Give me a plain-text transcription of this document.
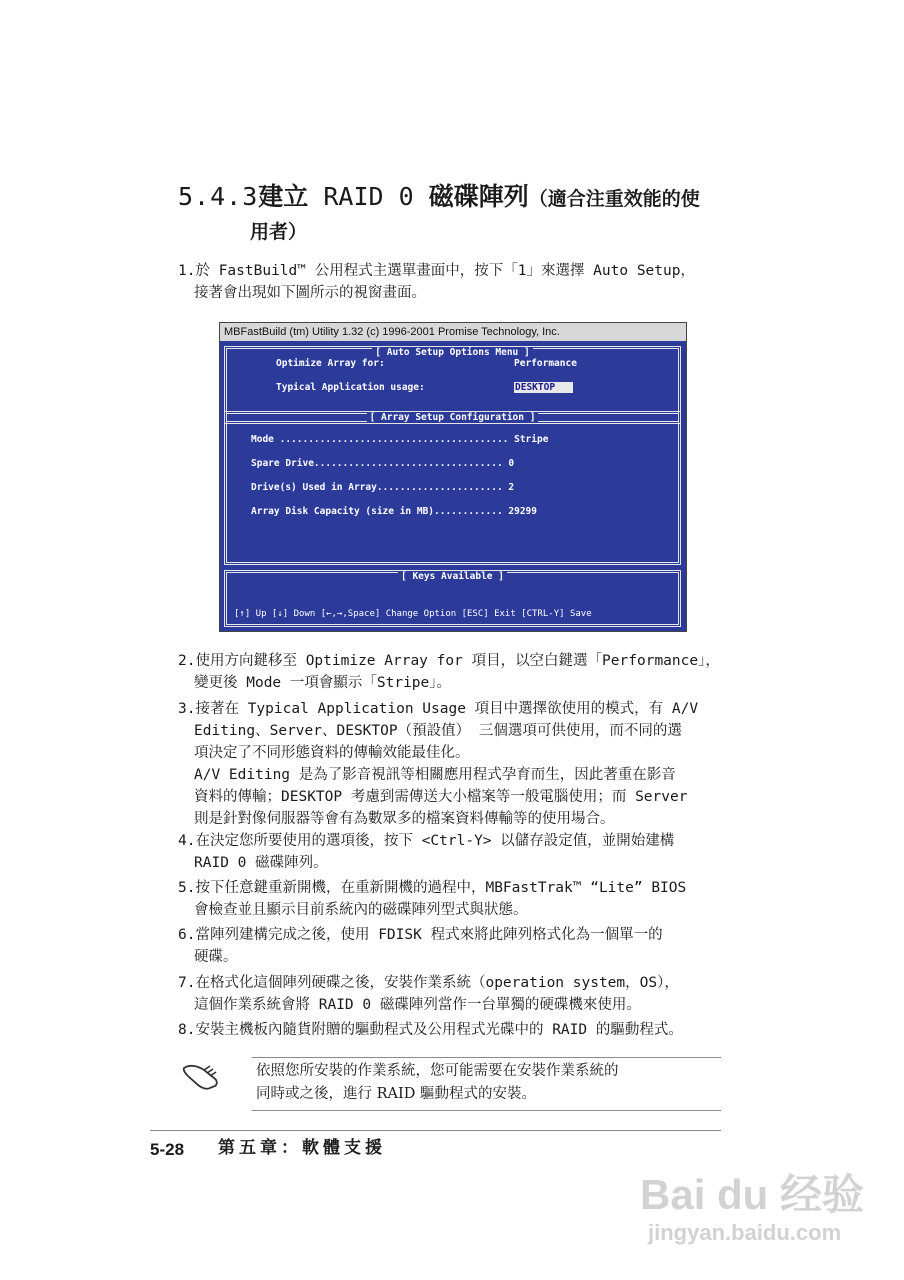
5.4.3建立 RAID 0 磁碟陣列（適合注重效能的使
用者）
1.於 FastBuild™ 公用程式主選單畫面中，按下「1」來選擇 Auto Setup，
接著會出現如下圖所示的視窗畫面。
MBFastBuild (tm) Utility 1.32 (c) 1996-2001 Promise Technology, Inc.
[ Auto Setup Options Menu ]
Optimize Array for:	Performance
Typical Application usage:	DESKTOP
[ Array Setup Configuration ]
Mode ........................................ Stripe
Spare Drive................................. 0
Drive(s) Used in Array...................... 2
Array Disk Capacity (size in MB)............ 29299
[ Keys Available ]
[↑] Up [↓] Down [←,→,Space] Change Option [ESC] Exit [CTRL-Y] Save
2.使用方向鍵移至 Optimize Array for 項目，以空白鍵選「Performance」，
變更後 Mode 一項會顯示「Stripe」。
3.接著在 Typical Application Usage 項目中選擇欲使用的模式，有 A/V
Editing、Server、DESKTOP（預設值） 三個選項可供使用，而不同的選
項決定了不同形態資料的傳輸效能最佳化。
A/V Editing 是為了影音視訊等相關應用程式孕育而生，因此著重在影音
資料的傳輸；DESKTOP 考慮到需傳送大小檔案等一般電腦使用；而 Server
則是針對像伺服器等會有為數眾多的檔案資料傳輸等的使用場合。
4.在決定您所要使用的選項後，按下 <Ctrl-Y> 以儲存設定值，並開始建構
RAID 0 磁碟陣列。
5.按下任意鍵重新開機，在重新開機的過程中，MBFastTrak™ “Lite” BIOS
會檢查並且顯示目前系統內的磁碟陣列型式與狀態。
6.當陣列建構完成之後，使用 FDISK 程式來將此陣列格式化為一個單一的
硬碟。
7.在格式化這個陣列硬碟之後，安裝作業系統（operation system，OS），
這個作業系統會將 RAID 0 磁碟陣列當作一台單獨的硬碟機來使用。
8.安裝主機板內隨貨附贈的驅動程式及公用程式光碟中的 RAID 的驅動程式。
依照您所安裝的作業系統，您可能需要在安裝作業系統的
同時或之後，進行 RAID 驅動程式的安裝。
5-28 第五章：軟體支援
Bai du 经验
jingyan.baidu.com
